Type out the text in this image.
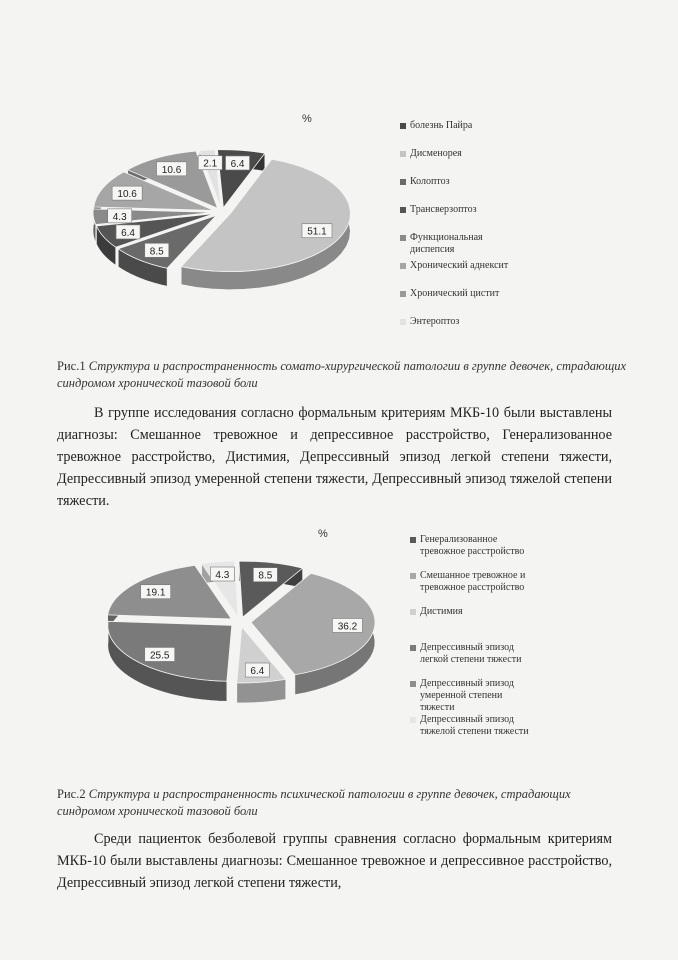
%
6.4
51.1
8.5
6.4
4.3
10.6
10.6
2.1
болезнь Пайра
Дисменорея
Колоптоз
Трансверзоптоз
Функциональная
диспепсия
Хронический аднексит
Хронический цистит
Энтероптоз
Рис.1 Структура и распространенность сомато-хирургической патологии в группе девочек, страдающих синдромом хронической тазовой боли
В группе исследования согласно формальным критериям МКБ-10 были выставлены диагнозы: Смешанное тревожное и депрессивное расстройство, Генерализованное тревожное расстройство, Дистимия, Депрессивный эпизод легкой степени тяжести, Депрессивный эпизод умеренной степени тяжести, Депрессивный эпизод тяжелой степени тяжести.
%
8.5
36.2
6.4
25.5
19.1
4.3
Генерализованное
тревожное расстройство
Смешанное тревожное и
тревожное расстройство
Дистимия
Депрессивный эпизод
легкой степени тяжести
Депрессивный эпизод
умеренной степени
тяжести
Депрессивный эпизод
тяжелой степени тяжести
Рис.2 Структура и распространенность психической патологии в группе девочек, страдающих синдромом хронической тазовой боли
Среди пациенток безболевой группы сравнения согласно формальным критериям МКБ-10 были выставлены диагнозы: Смешанное тревожное и депрессивное расстройство, Депрессивный эпизод легкой степени тяжести,
